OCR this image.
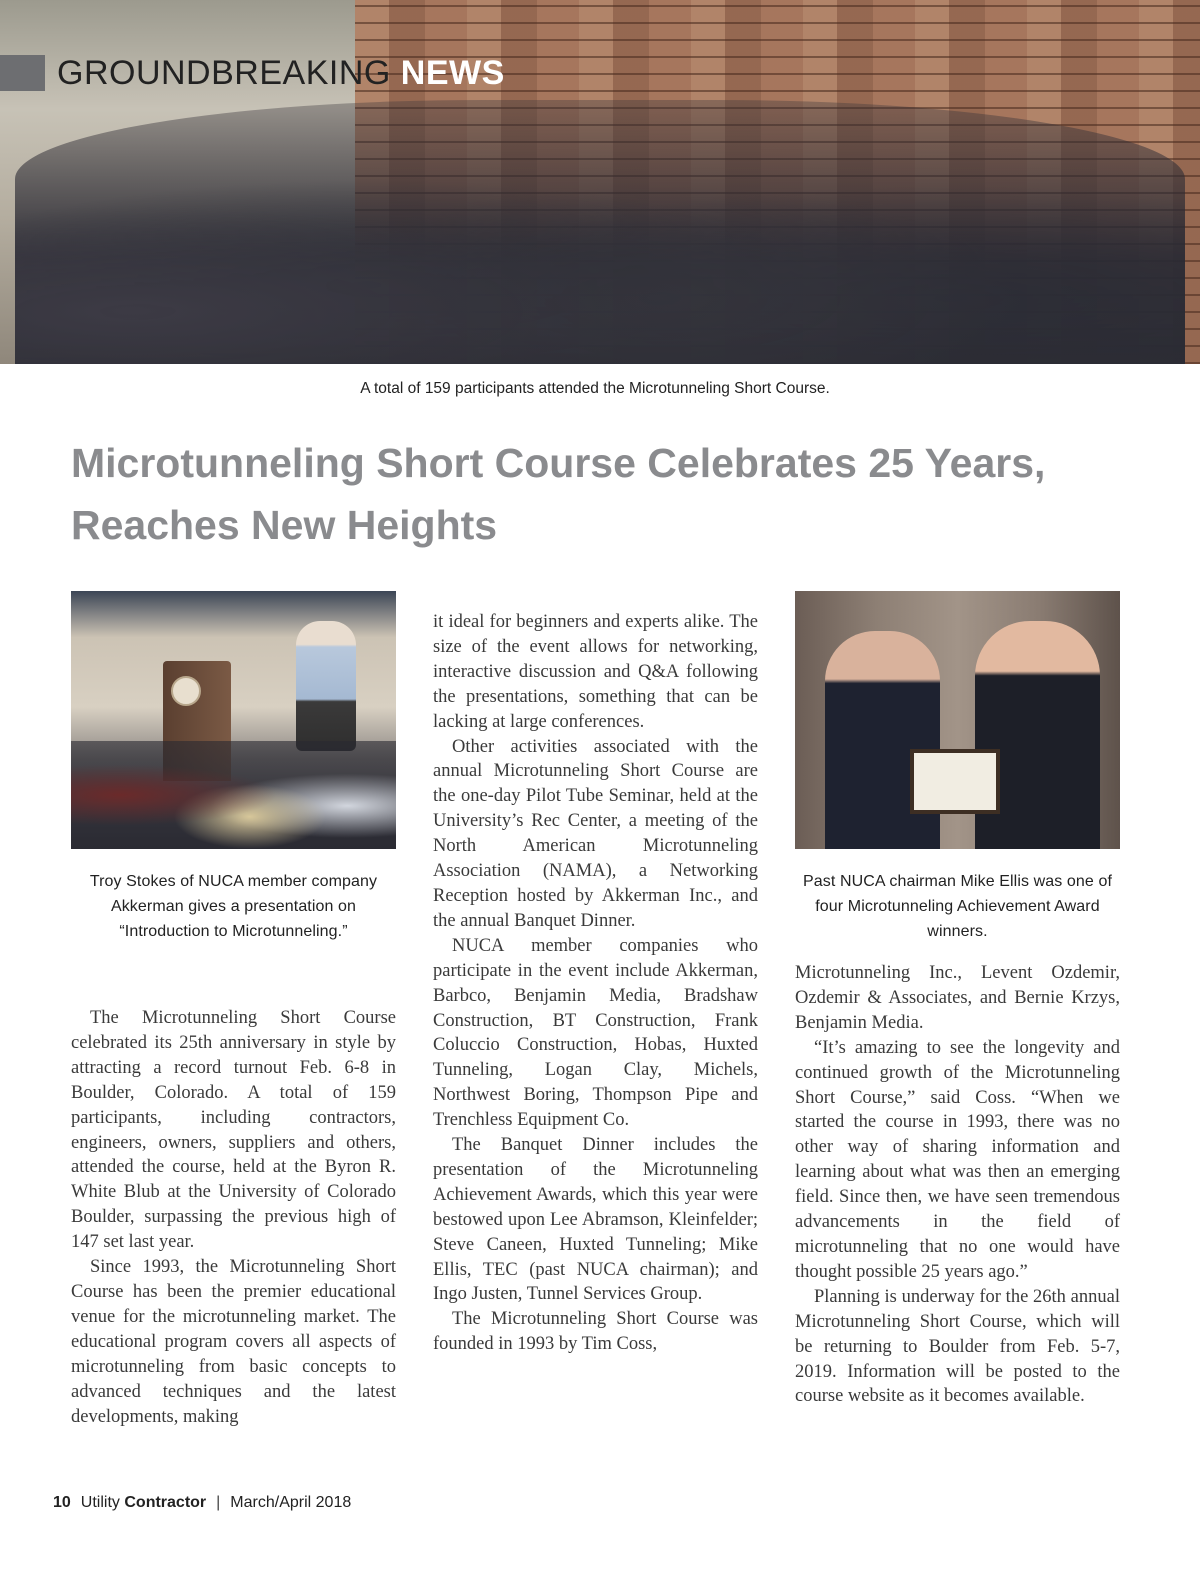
GROUNDBREAKING NEWS
A total of 159 participants attended the Microtunneling Short Course.
Microtunneling Short Course Celebrates 25 Years, Reaches New Heights
Troy Stokes of NUCA member company Akkerman gives a presentation on “Introduction to Microtunneling.”
Past NUCA chairman Mike Ellis was one of four Microtunneling Achievement Award winners.

The Microtunneling Short Course celebrated its 25th anniversary in style by attracting a record turnout Feb. 6-8 in Boulder, Colorado. A total of 159 participants, including contractors, engineers, owners, suppliers and others, attended the course, held at the Byron R. White Blub at the University of Colorado Boulder, surpassing the previous high of 147 set last year.

Since 1993, the Microtunneling Short Course has been the premier educational venue for the microtunneling market. The educational program covers all aspects of microtunneling from basic concepts to advanced techniques and the latest developments, making

it ideal for beginners and experts alike. The size of the event allows for networking, interactive discussion and Q&A following the presentations, something that can be lacking at large conferences.

Other activities associated with the annual Microtunneling Short Course are the one-day Pilot Tube Seminar, held at the University’s Rec Center, a meeting of the North American Microtunneling Association (NAMA), a Networking Reception hosted by Akkerman Inc., and the annual Banquet Dinner.

NUCA member companies who participate in the event include Akkerman, Barbco, Benjamin Media, Bradshaw Construction, BT Construction, Frank Coluccio Construction, Hobas, Huxted Tunneling, Logan Clay, Michels, Northwest Boring, Thompson Pipe and Trenchless Equipment Co.

The Banquet Dinner includes the presentation of the Microtunneling Achievement Awards, which this year were bestowed upon Lee Abramson, Kleinfelder; Steve Caneen, Huxted Tunneling; Mike Ellis, TEC (past NUCA chairman); and Ingo Justen, Tunnel Services Group.

The Microtunneling Short Course was founded in 1993 by Tim Coss,

Microtunneling Inc., Levent Ozdemir, Ozdemir & Associates, and Bernie Krzys, Benjamin Media.

“It’s amazing to see the longevity and continued growth of the Microtunneling Short Course,” said Coss. “When we started the course in 1993, there was no other way of sharing information and learning about what was then an emerging field. Since then, we have seen tremendous advancements in the field of microtunneling that no one would have thought possible 25 years ago.”

Planning is underway for the 26th annual Microtunneling Short Course, which will be returning to Boulder from Feb. 5-7, 2019. Information will be posted to the course website as it becomes available.

10 Utility Contractor | March/April 2018
